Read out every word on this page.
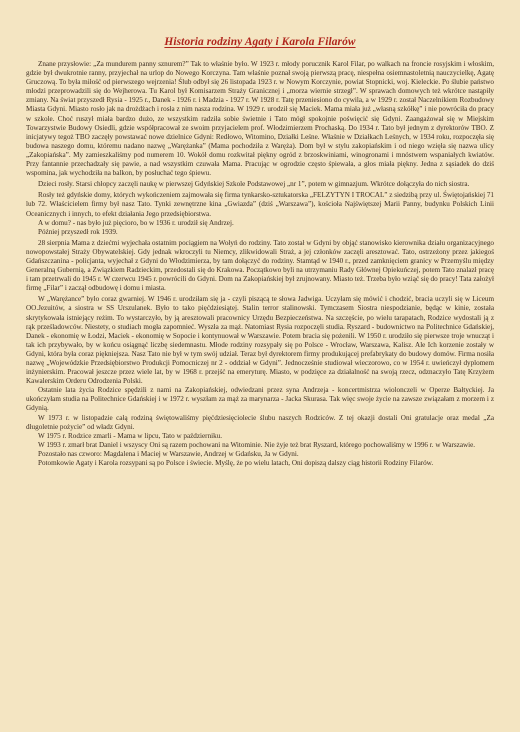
Historia rodziny Agaty i Karola Filarów

Znane przysłowie: „Za mundurem panny sznurem?” Tak to właśnie było. W 1923 r. młody porucznik Karol Filar, po walkach na froncie rosyjskim i włoskim, gdzie był dwukrotnie ranny, przyjechał na urlop do Nowego Korczyna. Tam właśnie poznał swoją pierwszą pracę, niespełna osiemnastoletnią nauczycielkę, Agatę Gruczową. To była miłość od pierwszego wejrzenia! Ślub odbył się 26 listopada 1923 r. w Nowym Korczynie, powiat Stopnicki, woj. Kieleckie. Po ślubie państwo młodzi przeprowadzili się do Wejherowa. Tu Karol był Komisarzem Straży Granicznej i „morza wiernie strzegł”. W sprawach domowych też wkrótce nastąpiły zmiany. Na świat przyszedł Rysia - 1925 r., Danek - 1926 r. i Madzia - 1927 r. W 1928 r. Tatę przeniesiono do cywila, a w 1929 r. został Naczelnikiem Rozbudowy Miasta Gdyni. Miasto rosło jak na drożdżach i rosła z nim nasza rodzina. W 1929 r. urodził się Maciek. Mama miała już „własną szkółkę” i nie powróciła do pracy w szkole. Choć ruszył miała bardzo dużo, ze wszystkim radziła sobie świetnie i Tato mógł spokojnie poświęcić się Gdyni. Zaangażował się w Miejskim Towarzystwie Budowy Osiedli, gdzie współpracował ze swoim przyjacielem prof. Włodzimierzem Prochaską. Do 1934 r. Tato był jednym z dyrektorów TBO. Z inicjatywy tegoż TBO zaczęły powstawać nowe dzielnice Gdyni: Redłowo, Witomino, Działki Leśne. Właśnie w Działkach Leśnych, w 1934 roku, rozpoczęła się budowa naszego domu, któremu nadano nazwę „Warężanka” (Mama pochodziła z Waręża). Dom był w stylu zakopiańskim i od niego wzięła się nazwa ulicy „Zakopiańska”. My zamieszkaliśmy pod numerem 10. Wokół domu rozkwitał piękny ogród z brzoskwiniami, winogronami i mnóstwem wspaniałych kwiatów. Przy fantannie przechadzały się pawie, a nad wszystkim czuwała Mama. Pracując w ogrodzie często śpiewała, a głos miała piękny. Jedna z sąsiadek do dziś wspomina, jak wychodziła na balkon, by posłuchać tego śpiewu.

Dzieci rosły. Starsi chłopcy zaczęli naukę w pierwszej Gdyńskiej Szkole Podstawowej „nr 1”, potem w gimnazjum. Wkrótce dołączyła do nich siostra.

Rosły też gdyńskie domy, których wykończeniem zajmowała się firma tynkarsko-sztukatorska „FELZYTYN I TROCAL” z siedzibą przy ul. Świętojańskiej 71 lub 72. Właścicielem firmy był nasz Tato. Tynki zewnętrzne kina „Gwiazda” (dziś „Warszawa”), kościoła Najświętszej Marii Panny, budynku Polskich Linii Oceanicznych i innych, to efekt działania Jego przedsiębiorstwa.

A w domu? - nas było już pięcioro, bo w 1936 r. urodził się Andrzej.

Później przyszedł rok 1939.

28 sierpnia Mama z dziećmi wyjechała ostatnim pociągiem na Wołyń do rodziny. Tato został w Gdyni by objąć stanowisko kierownika działu organizacyjnego nowopowstałej Straży Obywatelskiej. Gdy jednak wkroczyli tu Niemcy, zlikwidowali Straż, a jej członków zaczęli aresztować. Tato, ostrzeżony przez jakiegoś Gdańszczanina - policjanta, wyjechał z Gdyni do Włodzimierza, by tam dołączyć do rodziny. Stamtąd w 1940 r., przed zamknięciem granicy w Przemyślu między Generalną Gubernią, a Związkiem Radzieckim, przedostali się do Krakowa. Początkowo byli na utrzymaniu Rady Głównej Opiekuńczej, potem Tato znalazł pracę i tam przetrwali do 1945 r. W czerwcu 1945 r. powrócili do Gdyni. Dom na Zakopiańskiej był zrujnowany. Miasto też. Trzeba było wziąć się do pracy! Tata założył firmę „Filar” i zaczął odbudowę i domu i miasta.

W „Warężance” było coraz gwarniej. W 1946 r. urodziłam się ja - czyli piszącą te słowa Jadwiga. Uczyłam się mówić i chodzić, bracia uczyli się w Liceum OO.Jezuitów, a siostra w SS Urszulanek. Było to tako pięćdziesiątej. Stalin terror stalinowski. Tymczasem Siostra niespodzianie, będąc w kinie, została skrytykowała istniejący reżim. To wystarczyło, by ją aresztowali pracownicy Urzędu Bezpieczeństwa. Na szczęście, po wielu tarapatach, Rodzice wydostali ją z rąk prześladowców. Niestety, o studiach mogła zapomnieć. Wyszła za mąż. Natomiast Rysia rozpoczęli studia. Ryszard - budownictwo na Politechnice Gdańskiej, Danek - ekonomię w Łodzi, Maciek - ekonomię w Sopocie i kontynuował w Warszawie. Potem bracia się pożenili. W 1950 r. urodziło się pierwsze troje wnucząt i tak ich przybywało, by w końcu osiągnąć liczbę siedemnastu. Młode rodziny rozsypały się po Polsce - Wrocław, Warszawa, Kalisz. Ale Ich korzenie zostały w Gdyni, która była coraz piękniejsza. Nasz Tato nie był w tym swój udział. Teraz był dyrektorem firmy produkującej prefabrykaty do budowy domów. Firma nosiła nazwę „Wojewódzkie Przedsiębiorstwo Produkcji Pomocniczej nr 2 - oddział w Gdyni”. Jednocześnie studiował wieczorowo, co w 1954 r. uwieńczył dyplomem inżynierskim. Pracował jeszcze przez wiele lat, by w 1968 r. przejść na emeryturę. Miasto, w podzięce za działalność na swoją rzecz, odznaczyło Tatę Krzyżem Kawalerskim Orderu Odrodzenia Polski.

Ostatnie lata życia Rodzice spędzili z nami na Zakopiańskiej, odwiedzani przez syna Andrzeja - koncertmistrza wiolonczeli w Operze Bałtyckiej. Ja ukończyłam studia na Politechnice Gdańskiej i w 1972 r. wyszłam za mąż za marynarza - Jacka Skurasa. Tak więc swoje życie na zawsze związałam z morzem i z Gdynią.

W 1973 r. w listopadzie całą rodziną świętowaliśmy pięćdziesięciolecie ślubu naszych Rodziców. Z tej okazji dostali Oni gratulacje oraz medal „Za długoletnie pożycie” od władz Gdyni.

W 1975 r. Rodzice zmarli - Mama w lipcu, Tato w październiku.

W 1993 r. zmarł brat Daniel i wszyscy Oni są razem pochowani na Witominie. Nie żyje też brat Ryszard, którego pochowaliśmy w 1996 r. w Warszawie.

Pozostało nas czworo: Magdalena i Maciej w Warszawie, Andrzej w Gdańsku, Ja w Gdyni.

Potomkowie Agaty i Karola rozsypani są po Polsce i świecie. Myślę, że po wielu latach, Oni dopiszą dalszy ciąg historii Rodziny Filarów.
